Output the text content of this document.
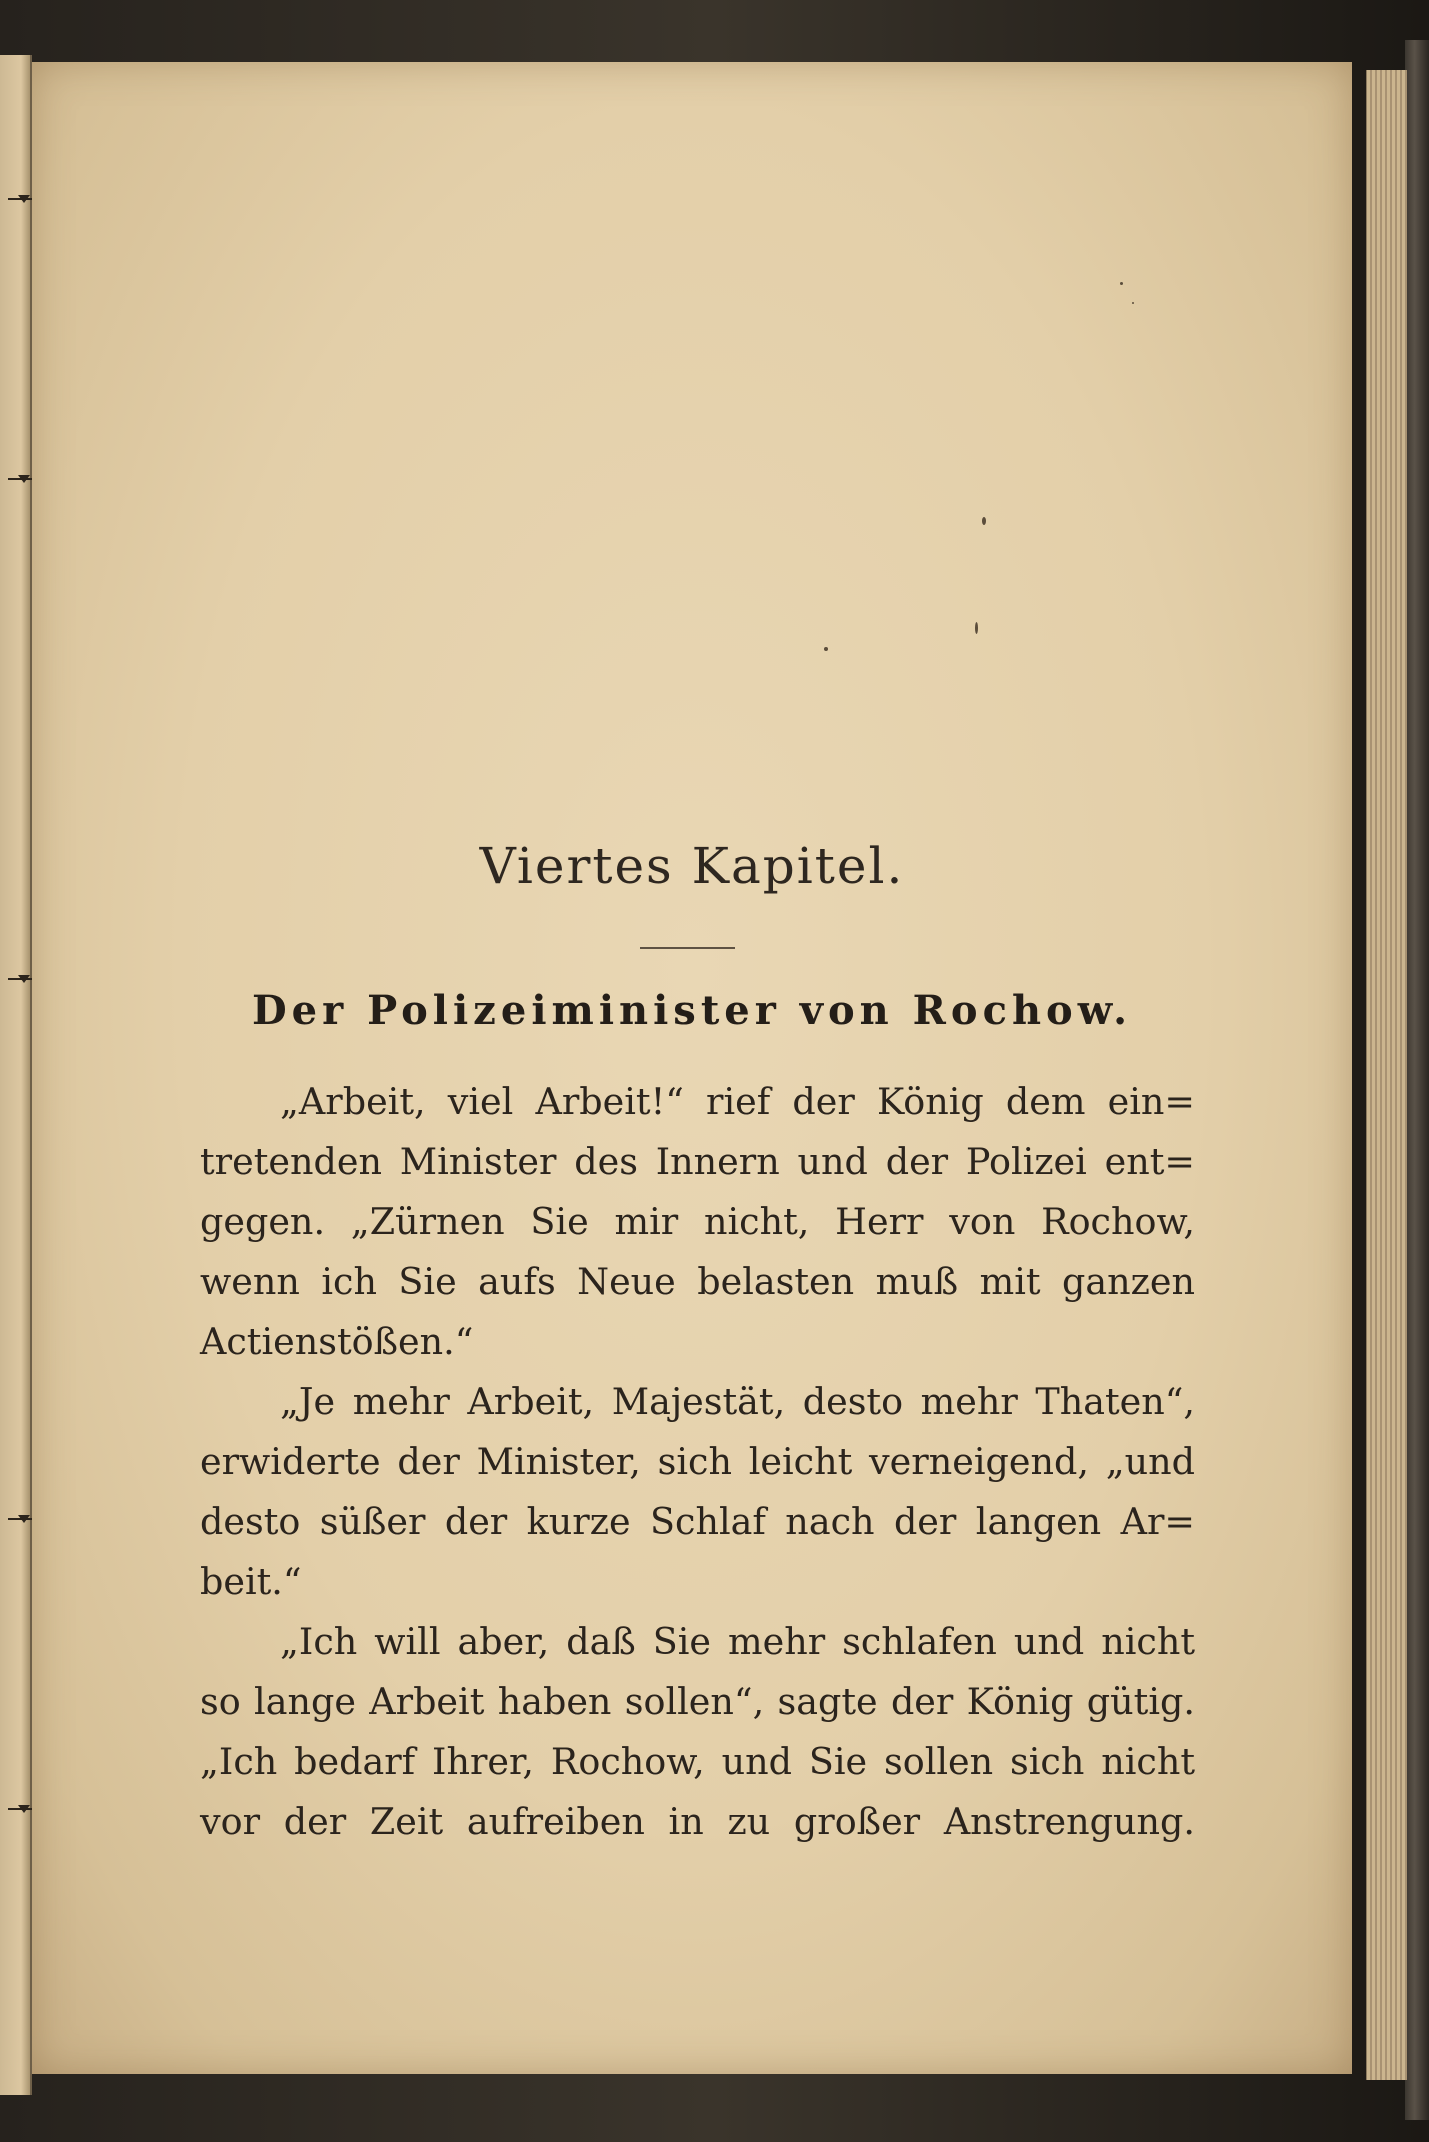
Viertes Kapitel.
Der Polizeiminister von Rochow.
„Arbeit, viel Arbeit!“ rief der König dem ein=
tretenden Minister des Innern und der Polizei ent=
gegen. „Zürnen Sie mir nicht, Herr von Rochow,
wenn ich Sie aufs Neue belasten muß mit ganzen
Actienstößen.“
„Je mehr Arbeit, Majestät, desto mehr Thaten“,
erwiderte der Minister, sich leicht verneigend, „und
desto süßer der kurze Schlaf nach der langen Ar=
beit.“
„Ich will aber, daß Sie mehr schlafen und nicht
so lange Arbeit haben sollen“, sagte der König gütig.
„Ich bedarf Ihrer, Rochow, und Sie sollen sich nicht
vor der Zeit aufreiben in zu großer Anstrengung.
